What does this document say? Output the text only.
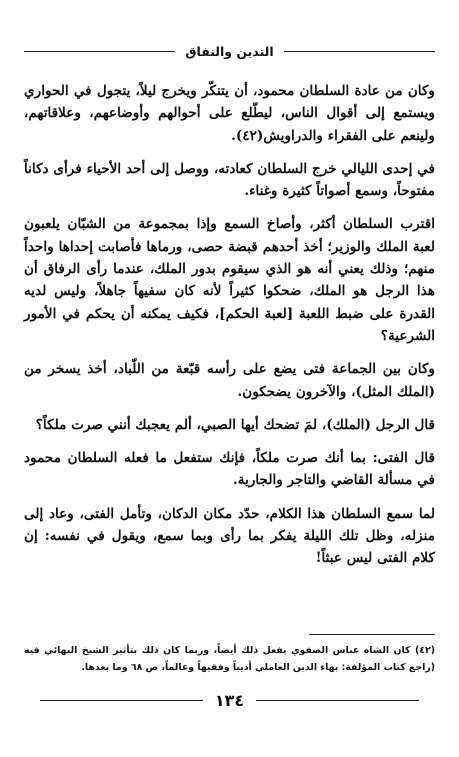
التدين والنفاق

وكان من عادة السلطان محمود، أن يتنكّر ويخرج ليلاً، يتجول في الحواري ويستمع إلى أقوال الناس، ليطّلع على أحوالهم وأوضاعهم، وعلاقاتهم، ولينعم على الفقراء والدراويش(٤٢).

في إحدى الليالي خرج السلطان كعادته، ووصل إلى أحد الأحياء فرأى دكاناً مفتوحاً، وسمع أصواتاً كثيرة وغناء.

اقترب السلطان أكثر، وأصاخ السمع وإذا بمجموعة من الشبّان يلعبون لعبة الملك والوزير؛ أخذ أحدهم قبضة حصى، ورماها فأصابت إحداها واحداً منهم؛ وذلك يعني أنه هو الذي سيقوم بدور الملك، عندما رأى الرفاق أن هذا الرجل هو الملك، ضحكوا كثيراً لأنه كان سفيهاً جاهلاً، وليس لديه القدرة على ضبط اللعبة [لعبة الحكم]، فكيف يمكنه أن يحكم في الأمور الشرعية؟

وكان بين الجماعة فتى يضع على رأسه قبّعة من اللّباد، أخذ يسخر من (الملك المثل)، والآخرون يضحكون.

قال الرجل (الملك)، لمَ تضحك أيها الصبي، ألم يعجبك أنني صرت ملكاً؟

قال الفتى: بما أنك صرت ملكاً، فإنك ستفعل ما فعله السلطان محمود في مسألة القاضي والتاجر والجارية.

لما سمع السلطان هذا الكلام، حدّد مكان الدكان، وتأمل الفتى، وعاد إلى منزله، وظل تلك الليلة يفكر بما رأى وبما سمع، ويقول في نفسه: إن كلام الفتى ليس عبثاً!

(٤٢) كان الشاه عباس الصفوي يفعل ذلك أيضاً، وربما كان ذلك بتأثير الشيخ البهائي فيه (راجع كتاب المؤلفة: بهاء الدين العاملي أديباً وفقيهاً وعالماً، ص ٦٨ وما بعدها.
١٣٤
